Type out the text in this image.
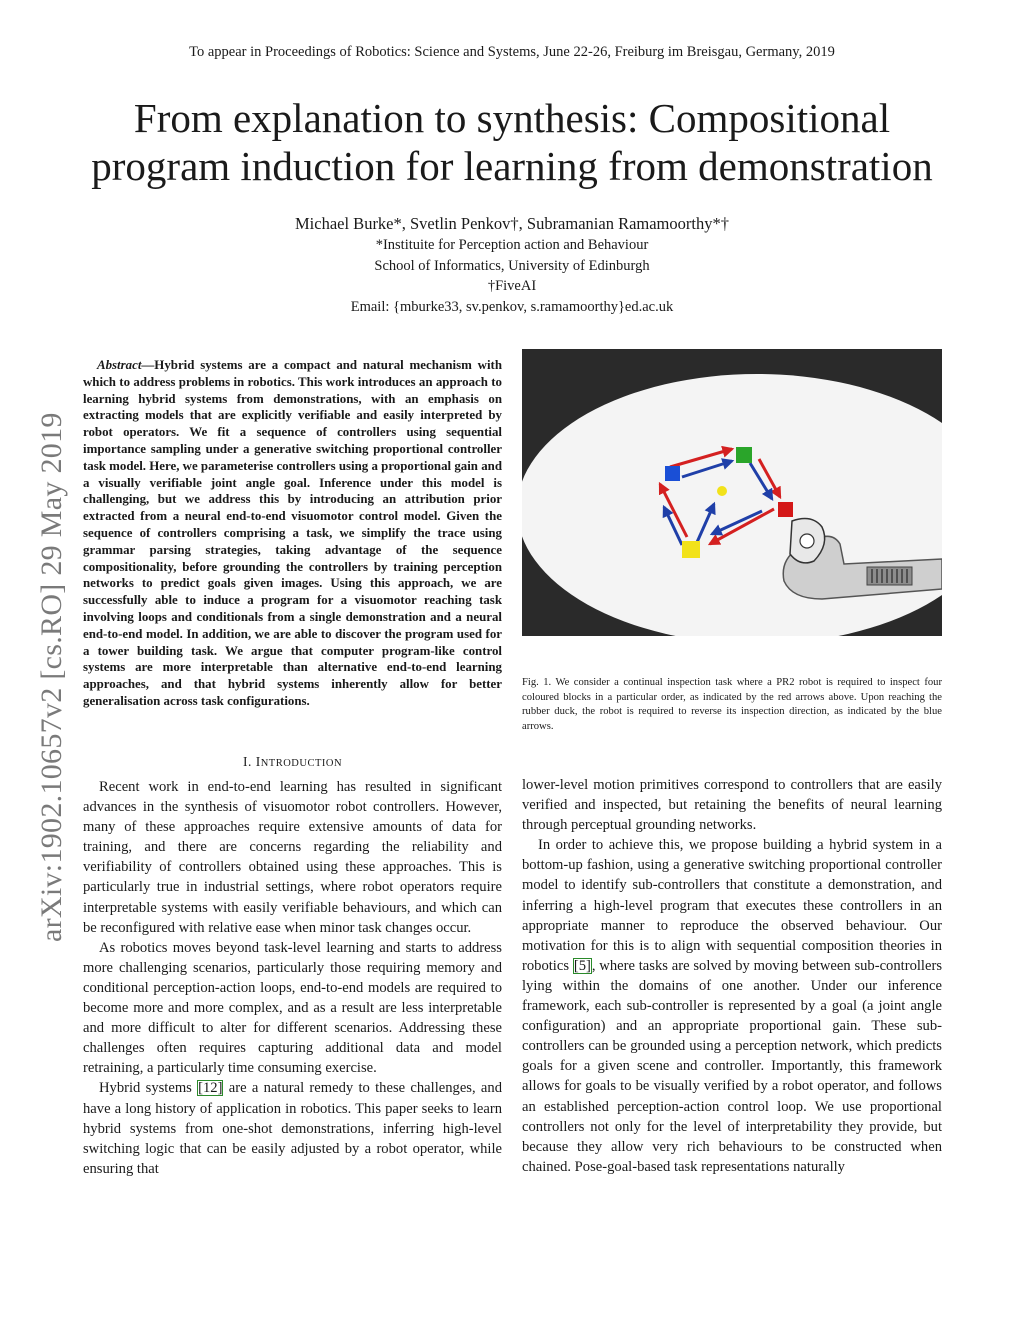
To appear in Proceedings of Robotics: Science and Systems, June 22-26, Freiburg im Breisgau, Germany, 2019
From explanation to synthesis: Compositional
program induction for learning from demonstration
Michael Burke*, Svetlin Penkov†, Subramanian Ramamoorthy*†
*Instituite for Perception action and Behaviour
School of Informatics, University of Edinburgh
†FiveAI
Email: {mburke33, sv.penkov, s.ramamoorthy}ed.ac.uk
arXiv:1902.10657v2 [cs.RO] 29 May 2019
Abstract—Hybrid systems are a compact and natural mechanism with which to address problems in robotics. This work introduces an approach to learning hybrid systems from demonstrations, with an emphasis on extracting models that are explicitly verifiable and easily interpreted by robot operators. We fit a sequence of controllers using sequential importance sampling under a generative switching proportional controller task model. Here, we parameterise controllers using a proportional gain and a visually verifiable joint angle goal. Inference under this model is challenging, but we address this by introducing an attribution prior extracted from a neural end-to-end visuomotor control model. Given the sequence of controllers comprising a task, we simplify the trace using grammar parsing strategies, taking advantage of the sequence compositionality, before grounding the controllers by training perception networks to predict goals given images. Using this approach, we are successfully able to induce a program for a visuomotor reaching task involving loops and conditionals from a single demonstration and a neural end-to-end model. In addition, we are able to discover the program used for a tower building task. We argue that computer program-like control systems are more interpretable than alternative end-to-end learning approaches, and that hybrid systems inherently allow for better generalisation across task configurations.
I. INTRODUCTION

Recent work in end-to-end learning has resulted in significant advances in the synthesis of visuomotor robot controllers. However, many of these approaches require extensive amounts of data for training, and there are concerns regarding the reliability and verifiability of controllers obtained using these approaches. This is particularly true in industrial settings, where robot operators require interpretable systems with easily verifiable behaviours, and which can be reconfigured with relative ease when minor task changes occur.

As robotics moves beyond task-level learning and starts to address more challenging scenarios, particularly those requiring memory and conditional perception-action loops, end-to-end models are required to become more and more complex, and as a result are less interpretable and more difficult to alter for different scenarios. Addressing these challenges often requires capturing additional data and model retraining, a particularly time consuming exercise.

Hybrid systems [12] are a natural remedy to these challenges, and have a long history of application in robotics. This paper seeks to learn hybrid systems from one-shot demonstrations, inferring high-level switching logic that can be easily adjusted by a robot operator, while ensuring that

lower-level motion primitives correspond to controllers that are easily verified and inspected, but retaining the benefits of neural learning through perceptual grounding networks.

In order to achieve this, we propose building a hybrid system in a bottom-up fashion, using a generative switching proportional controller model to identify sub-controllers that constitute a demonstration, and inferring a high-level program that executes these controllers in an appropriate manner to reproduce the observed behaviour. Our motivation for this is to align with sequential composition theories in robotics [5], where tasks are solved by moving between sub-controllers lying within the domains of one another. Under our inference framework, each sub-controller is represented by a goal (a joint angle configuration) and an appropriate proportional gain. These sub-controllers can be grounded using a perception network, which predicts goals for a given scene and controller. Importantly, this framework allows for goals to be visually verified by a robot operator, and follows an established perception-action control loop. We use proportional controllers not only for the level of interpretability they provide, but because they allow very rich behaviours to be constructed when chained. Pose-goal-based task representations naturally

Fig. 1. We consider a continual inspection task where a PR2 robot is required to inspect four coloured blocks in a particular order, as indicated by the red arrows above. Upon reaching the rubber duck, the robot is required to reverse its inspection direction, as indicated by the blue arrows.
